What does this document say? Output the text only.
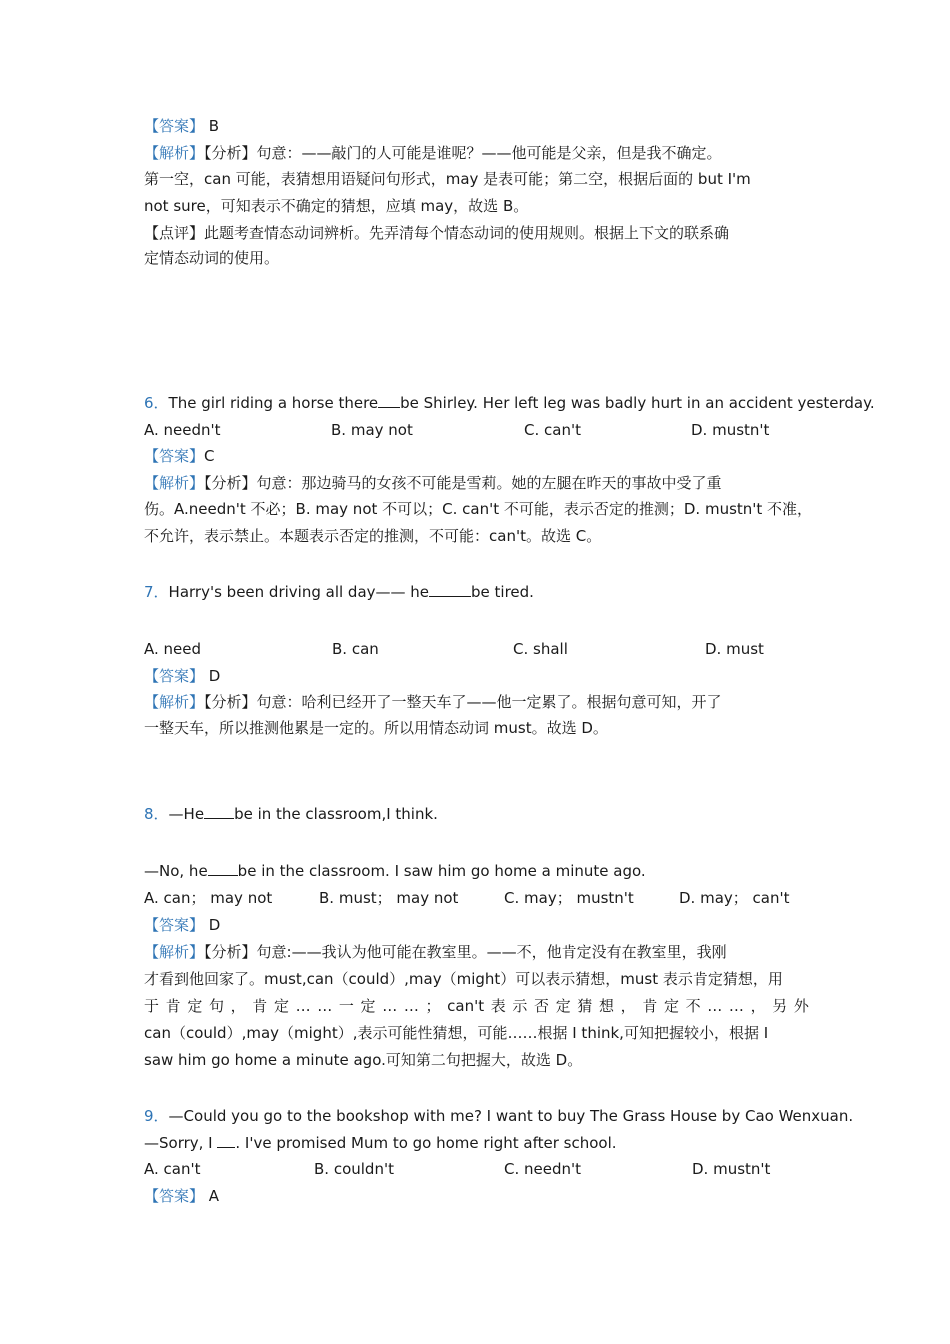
【答案】 B
【解析】【分析】句意：——敲门的人可能是谁呢？——他可能是父亲，但是我不确定。
第一空，can 可能，表猜想用语疑问句形式，may 是表可能；第二空，根据后面的 but I'm
not sure，可知表示不确定的猜想，应填 may，故选 B。
【点评】此题考查情态动词辨析。先弄清每个情态动词的使用规则。根据上下文的联系确
定情态动词的使用。
6．The girl riding a horse there be Shirley. Her left leg was badly hurt in an accident yesterday.
A. needn't	B. may not	C. can't	D. mustn't
【答案】C
【解析】【分析】句意：那边骑马的女孩不可能是雪莉。她的左腿在昨天的事故中受了重
伤。A.needn't 不必；B. may not 不可以；C. can't 不可能，表示否定的推测；D. mustn't 不准，
不允许，表示禁止。本题表示否定的推测，不可能：can't。故选 C。
7．Harry's been driving all day—— he	be tired.
A. need	B. can	C. shall	D. must
【答案】 D
【解析】【分析】句意：哈利已经开了一整天车了——他一定累了。根据句意可知，开了
一整天车，所以推测他累是一定的。所以用情态动词 must。故选 D。
8．—He be in the classroom,I think.
—No, he be in the classroom. I saw him go home a minute ago.
A. can； may not	B. must； may not	C. may； mustn't	D. may； can't
【答案】 D
【解析】【分析】句意:——我认为他可能在教室里。——不，他肯定没有在教室里，我刚
才看到他回家了。must,can（could）,may（might）可以表示猜想，must 表示肯定猜想，用
于 肯 定 句 ， 肯 定 … … 一 定 … … ； can't 表 示 否 定 猜 想 ， 肯 定 不 … … ， 另 外
can（could）,may（might）,表示可能性猜想，可能……根据 I think,可知把握较小，根据 I
saw him go home a minute ago.可知第二句把握大，故选 D。
9．—Could you go to the bookshop with me? I want to buy The Grass House by Cao Wenxuan.
—Sorry, I . I've promised Mum to go home right after school.
A. can't	B. couldn't	C. needn't	D. mustn't
【答案】 A
